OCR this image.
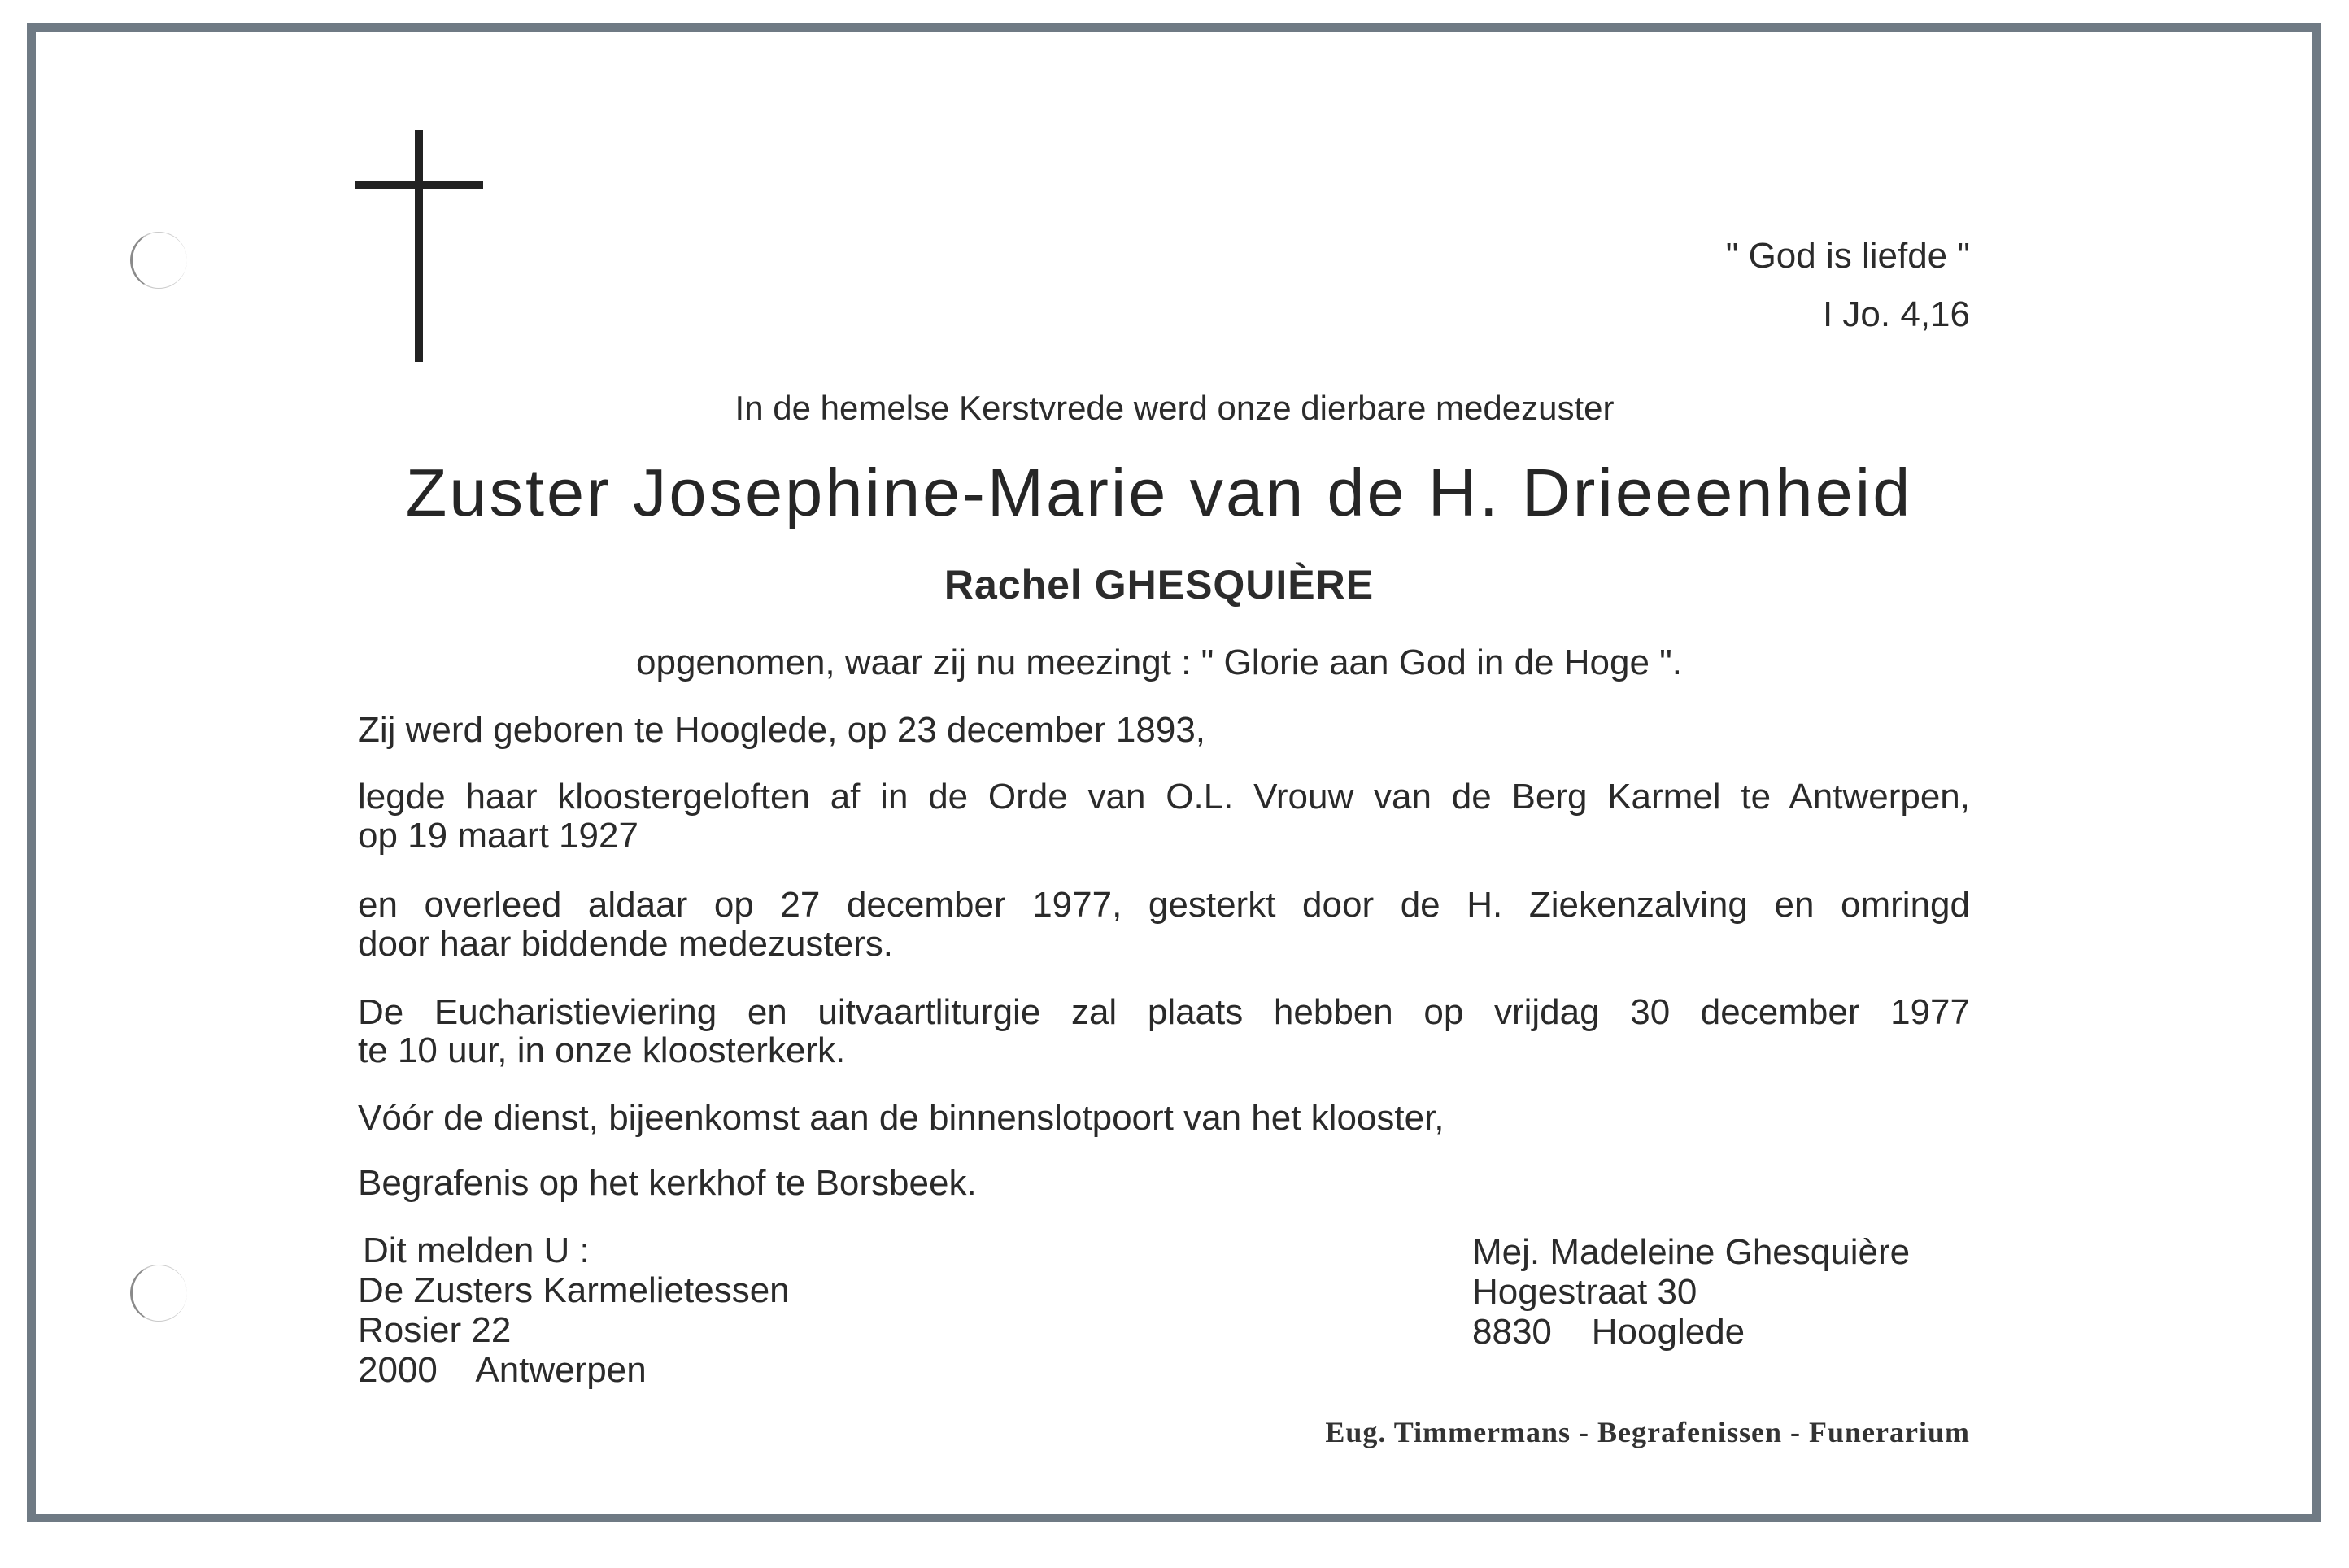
" God is liefde "
I Jo. 4,16
In de hemelse Kerstvrede werd onze dierbare medezuster
Zuster Josephine-Marie van de H. Drieeenheid
Rachel GHESQUIÈRE
opgenomen, waar zij nu meezingt : " Glorie aan God in de Hoge ".
Zij werd geboren te Hooglede, op 23 december 1893,
legde haar kloostergeloften af in de Orde van O.L. Vrouw van de Berg Karmel te Antwerpen,
op 19 maart 1927
en overleed aldaar op 27 december 1977, gesterkt door de H. Ziekenzalving en omringd
door haar biddende medezusters.
De Eucharistieviering en uitvaartliturgie zal plaats hebben op vrijdag 30 december 1977
te 10 uur, in onze kloosterkerk.
Vóór de dienst, bijeenkomst aan de binnenslotpoort van het klooster,
Begrafenis op het kerkhof te Borsbeek.
Dit melden U :
De Zusters Karmelietessen
Rosier 22
2000    Antwerpen
Mej. Madeleine Ghesquière
Hogestraat 30
8830    Hooglede
Eug. Timmermans - Begrafenissen - Funerarium
